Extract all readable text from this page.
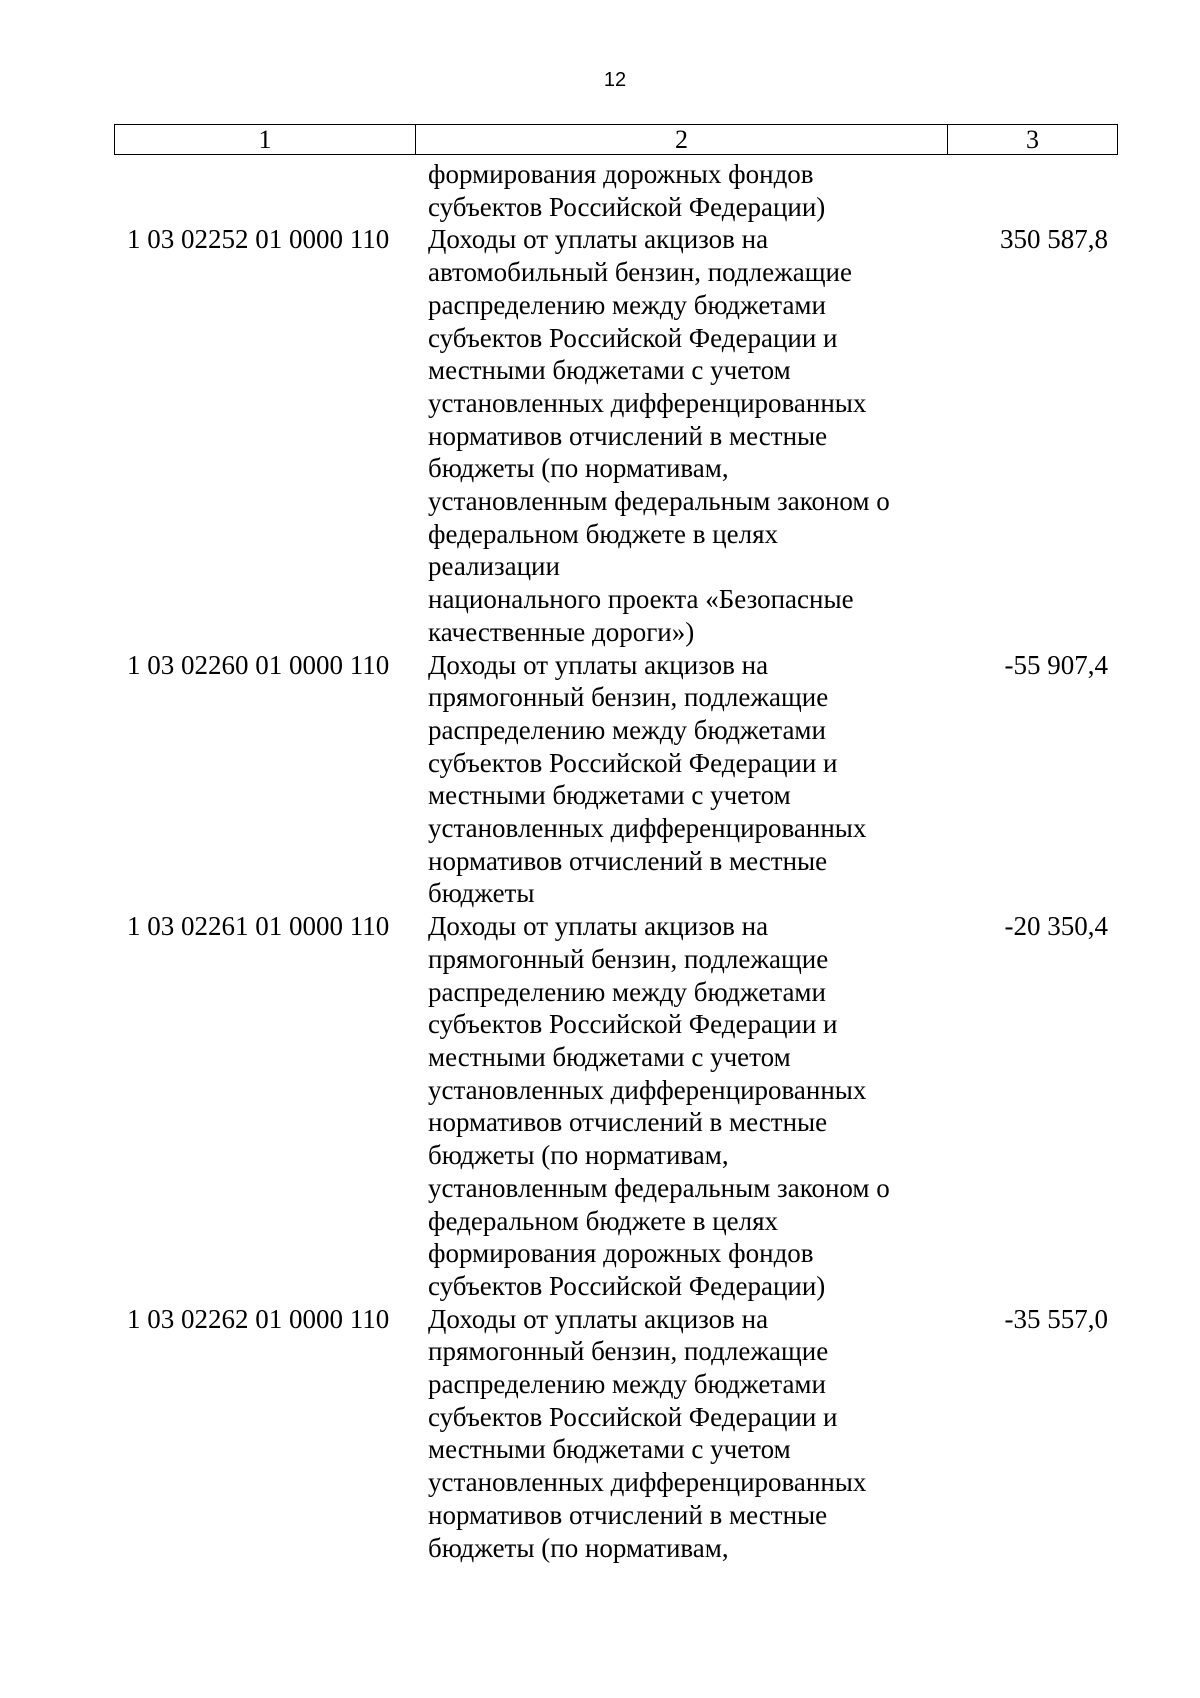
12
1	2	3
формирования дорожных фондов
субъектов Российской Федерации)
1 03 02252 01 0000 110	Доходы от уплаты акцизов на
автомобильный бензин, подлежащие
распределению между бюджетами
субъектов Российской Федерации и
местными бюджетами с учетом
установленных дифференцированных
нормативов отчислений в местные
бюджеты (по нормативам,
установленным федеральным законом о
федеральном бюджете в целях
реализации
национального проекта «Безопасные
качественные дороги»)
350 587,8
1 03 02260 01 0000 110	Доходы от уплаты акцизов на
прямогонный бензин, подлежащие
распределению между бюджетами
субъектов Российской Федерации и
местными бюджетами с учетом
установленных дифференцированных
нормативов отчислений в местные
бюджеты
-55 907,4
1 03 02261 01 0000 110	Доходы от уплаты акцизов на
прямогонный бензин, подлежащие
распределению между бюджетами
субъектов Российской Федерации и
местными бюджетами с учетом
установленных дифференцированных
нормативов отчислений в местные
бюджеты (по нормативам,
установленным федеральным законом о
федеральном бюджете в целях
формирования дорожных фондов
субъектов Российской Федерации)
-20 350,4
1 03 02262 01 0000 110	Доходы от уплаты акцизов на
прямогонный бензин, подлежащие
распределению между бюджетами
субъектов Российской Федерации и
местными бюджетами с учетом
установленных дифференцированных
нормативов отчислений в местные
бюджеты (по нормативам,
-35 557,0
